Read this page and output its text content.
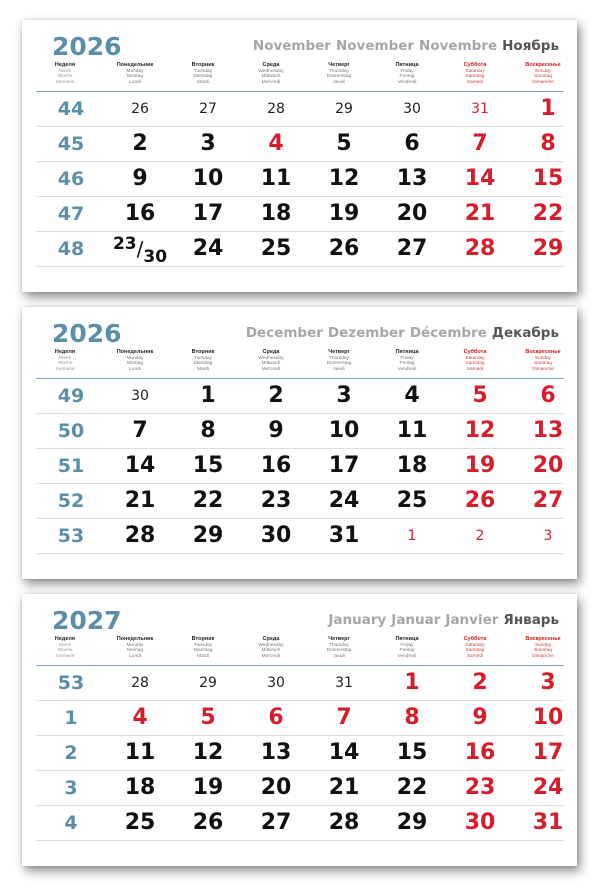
2026	November November Novembre Ноябрь
Неделя
Week
Woche
Semaine
Понедельник
Monday
Montag
Lundi
Вторник
Tuesday
Dienstag
Mardi
Среда
Wednesday
Mittwoch
Mercredi
Четверг
Thursday
Donnerstag
Jeudi
Пятница
Friday
Freitag
Vendredi
Суббота
Saturday
Samstag
Samedi
Воскресенье
Sunday
Sonntag
Dimanche
44	26	27	28	29	30	31	1
45	2	3	4	5	6	7	8
46	9	10	11	12	13	14	15
47	16	17	18	19	20	21	22
48	23/30	24	25	26	27	28	29
2026	December Dezember Décembre Декабрь
Неделя
Week
Woche
Semaine
Понедельник
Monday
Montag
Lundi
Вторник
Tuesday
Dienstag
Mardi
Среда
Wednesday
Mittwoch
Mercredi
Четверг
Thursday
Donnerstag
Jeudi
Пятница
Friday
Freitag
Vendredi
Суббота
Saturday
Samstag
Samedi
Воскресенье
Sunday
Sonntag
Dimanche
49	30	1	2	3	4	5	6
50	7	8	9	10	11	12	13
51	14	15	16	17	18	19	20
52	21	22	23	24	25	26	27
53	28	29	30	31	1	2	3
2027	January Januar Janvier Январь
Неделя
Week
Woche
Semaine
Понедельник
Monday
Montag
Lundi
Вторник
Tuesday
Dienstag
Mardi
Среда
Wednesday
Mittwoch
Mercredi
Четверг
Thursday
Donnerstag
Jeudi
Пятница
Friday
Freitag
Vendredi
Суббота
Saturday
Samstag
Samedi
Воскресенье
Sunday
Sonntag
Dimanche
53	28	29	30	31	1	2	3
1	4	5	6	7	8	9	10
2	11	12	13	14	15	16	17
3	18	19	20	21	22	23	24
4	25	26	27	28	29	30	31
